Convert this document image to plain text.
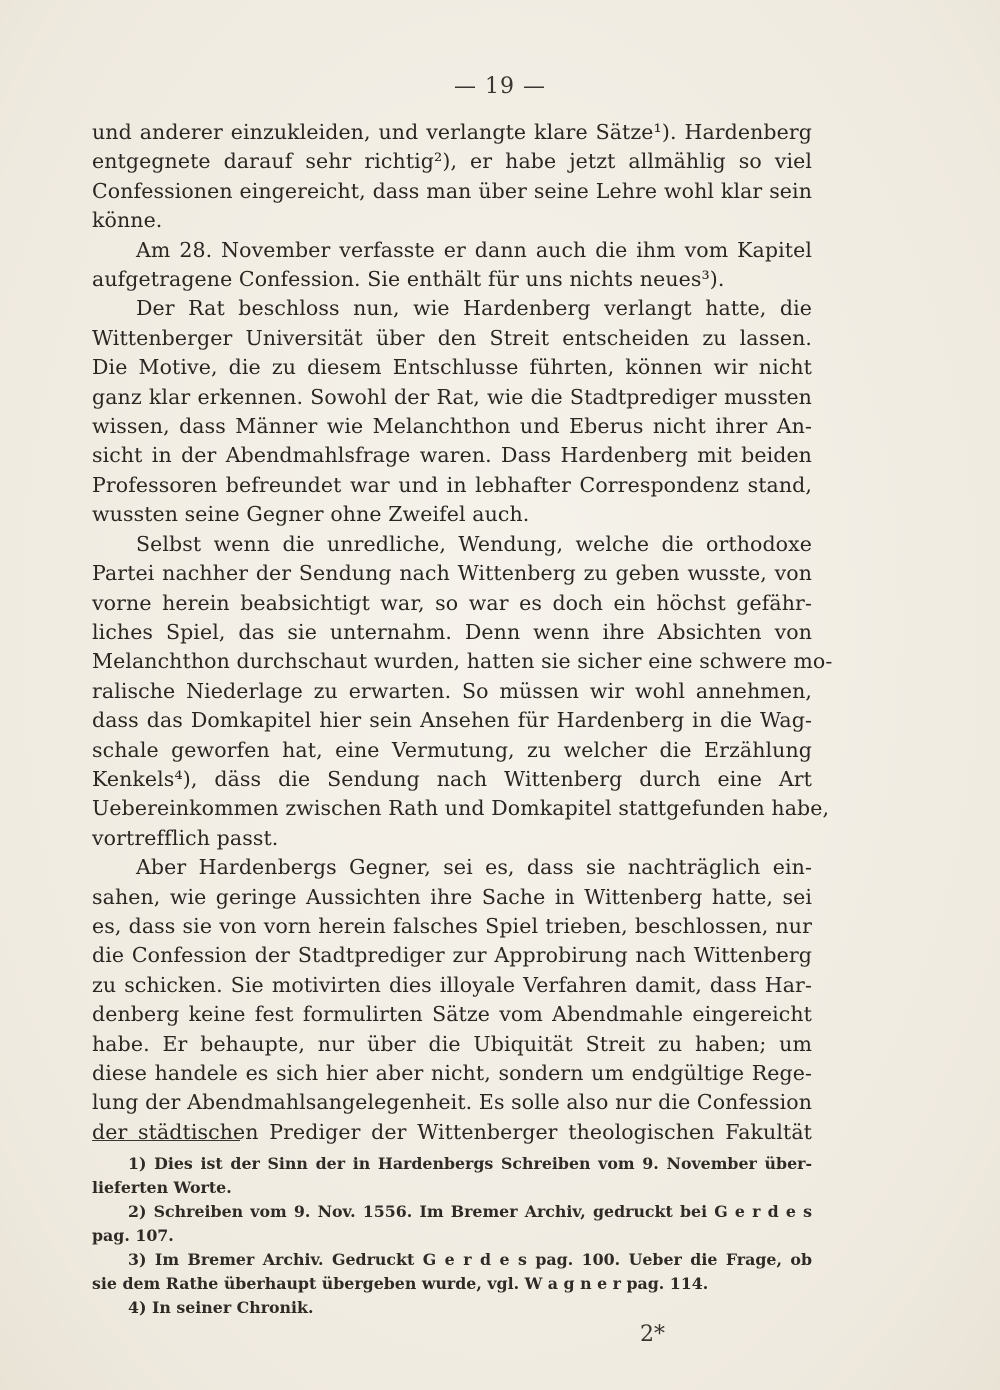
— 19 —
und anderer einzukleiden, und verlangte klare Sätze¹). Hardenberg
entgegnete darauf sehr richtig²), er habe jetzt allmählig so viel
Confessionen eingereicht, dass man über seine Lehre wohl klar sein
könne.
Am 28. November verfasste er dann auch die ihm vom Kapitel
aufgetragene Confession. Sie enthält für uns nichts neues³).
Der Rat beschloss nun, wie Hardenberg verlangt hatte, die
Wittenberger Universität über den Streit entscheiden zu lassen.
Die Motive, die zu diesem Entschlusse führten, können wir nicht
ganz klar erkennen. Sowohl der Rat, wie die Stadtprediger mussten
wissen, dass Männer wie Melanchthon und Eberus nicht ihrer An-
sicht in der Abendmahlsfrage waren. Dass Hardenberg mit beiden
Professoren befreundet war und in lebhafter Correspondenz stand,
wussten seine Gegner ohne Zweifel auch.
Selbst wenn die unredliche, Wendung, welche die orthodoxe
Partei nachher der Sendung nach Wittenberg zu geben wusste, von
vorne herein beabsichtigt war, so war es doch ein höchst gefähr-
liches Spiel, das sie unternahm. Denn wenn ihre Absichten von
Melanchthon durchschaut wurden, hatten sie sicher eine schwere mo-
ralische Niederlage zu erwarten. So müssen wir wohl annehmen,
dass das Domkapitel hier sein Ansehen für Hardenberg in die Wag-
schale geworfen hat, eine Vermutung, zu welcher die Erzählung
Kenkels⁴), däss die Sendung nach Wittenberg durch eine Art
Uebereinkommen zwischen Rath und Domkapitel stattgefunden habe,
vortrefflich passt.
Aber Hardenbergs Gegner, sei es, dass sie nachträglich ein-
sahen, wie geringe Aussichten ihre Sache in Wittenberg hatte, sei
es, dass sie von vorn herein falsches Spiel trieben, beschlossen, nur
die Confession der Stadtprediger zur Approbirung nach Wittenberg
zu schicken. Sie motivirten dies illoyale Verfahren damit, dass Har-
denberg keine fest formulirten Sätze vom Abendmahle eingereicht
habe. Er behaupte, nur über die Ubiquität Streit zu haben; um
diese handele es sich hier aber nicht, sondern um endgültige Rege-
lung der Abendmahlsangelegenheit. Es solle also nur die Confession
der städtischen Prediger der Wittenberger theologischen Fakultät
1) Dies ist der Sinn der in Hardenbergs Schreiben vom 9. November über-
lieferten Worte.
2) Schreiben vom 9. Nov. 1556. Im Bremer Archiv, gedruckt bei G e r d e s
pag. 107.
3) Im Bremer Archiv. Gedruckt G e r d e s pag. 100. Ueber die Frage, ob
sie dem Rathe überhaupt übergeben wurde, vgl. W a g n e r pag. 114.
4) In seiner Chronik.
2*
